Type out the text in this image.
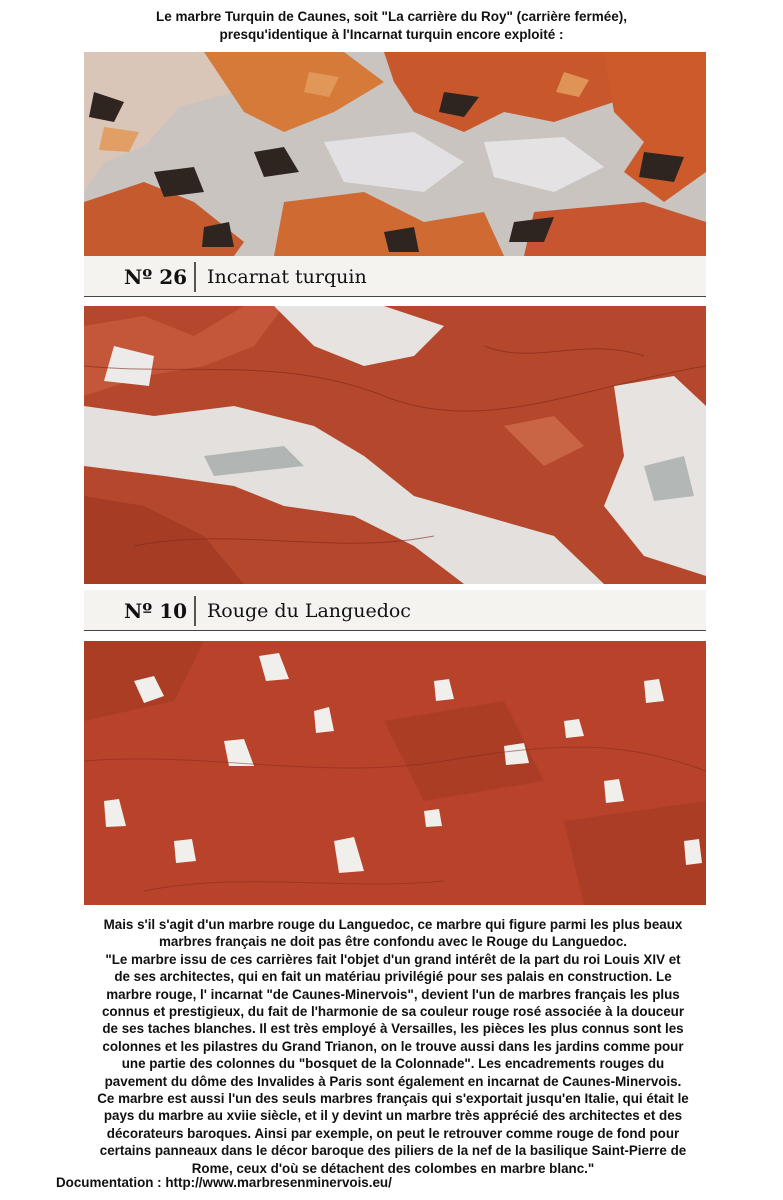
Le marbre Turquin de Caunes, soit "La carrière du Roy" (carrière fermée),
presqu'identique à l'Incarnat turquin encore exploité :
Nº 26 Incarnat turquin
Nº 10 Rouge du Languedoc
Mais s'il s'agit d'un marbre rouge du Languedoc, ce marbre qui figure parmi les plus beaux
marbres français ne doit pas être confondu avec le Rouge du Languedoc.
"Le marbre issu de ces carrières fait l'objet d'un grand intérêt de la part du roi Louis XIV et
de ses architectes, qui en fait un matériau privilégié pour ses palais en construction. Le
marbre rouge, l' incarnat "de Caunes-Minervois", devient l'un de marbres français les plus
connus et prestigieux, du fait de l'harmonie de sa couleur rouge rosé associée à la douceur
de ses taches blanches. Il est très employé à Versailles, les pièces les plus connus sont les
colonnes et les pilastres du Grand Trianon, on le trouve aussi dans les jardins comme pour
une partie des colonnes du "bosquet de la Colonnade". Les encadrements rouges du
pavement du dôme des Invalides à Paris sont également en incarnat de Caunes-Minervois.
Ce marbre est aussi l'un des seuls marbres français qui s'exportait jusqu'en Italie, qui était le
pays du marbre au xviie siècle, et il y devint un marbre très apprécié des architectes et des
décorateurs baroques. Ainsi par exemple, on peut le retrouver comme rouge de fond pour
certains panneaux dans le décor baroque des piliers de la nef de la basilique Saint-Pierre de
Rome, ceux d'où se détachent des colombes en marbre blanc."
Documentation : http://www.marbresenminervois.eu/
